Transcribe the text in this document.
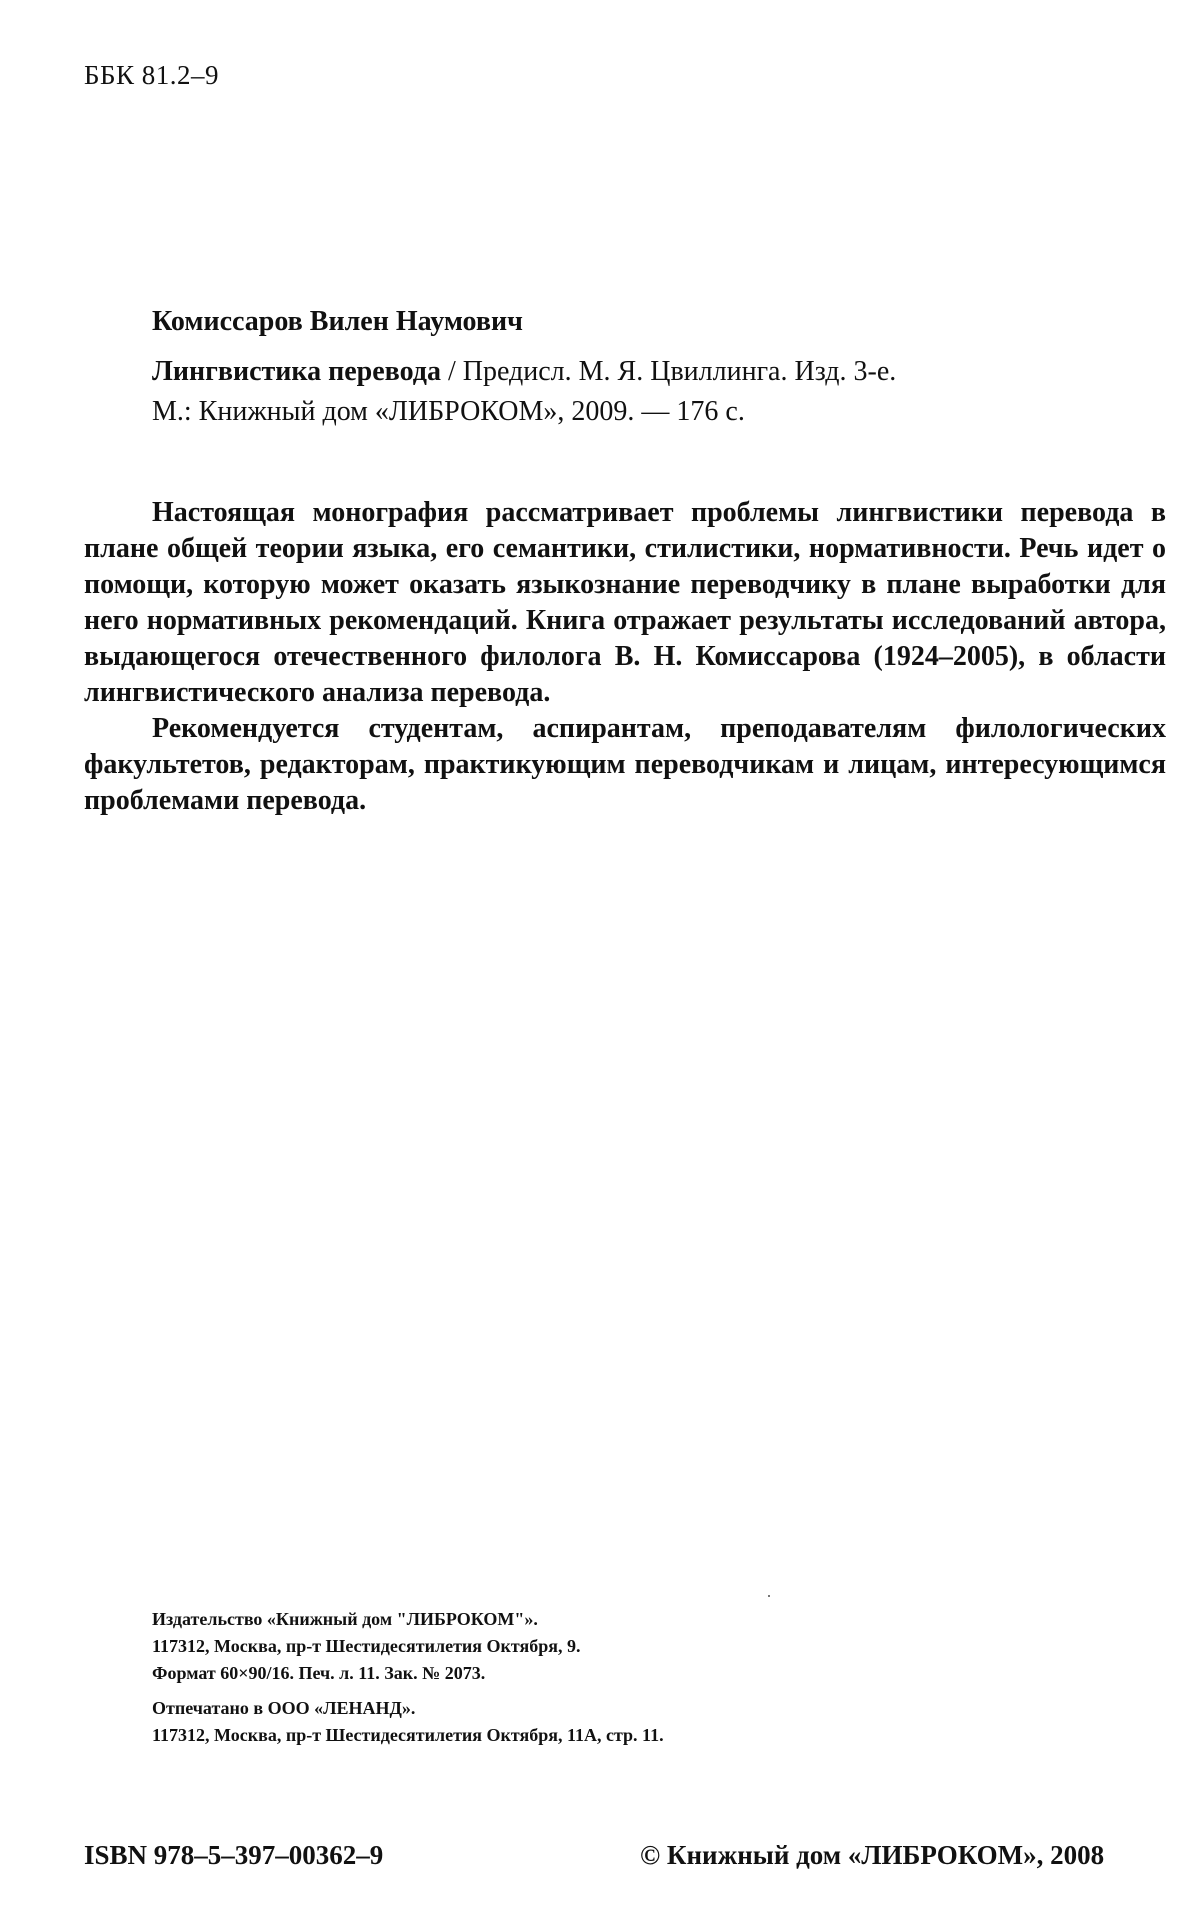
ББК 81.2–9
Комиссаров Вилен Наумович
Лингвистика перевода / Предисл. М. Я. Цвиллинга. Изд. 3-е.
М.: Книжный дом «ЛИБРОКОМ», 2009. — 176 с.

Настоящая монография рассматривает проблемы лингвистики перевода в плане общей теории языка, его семантики, стилистики, нормативности. Речь идет о помощи, которую может оказать языкознание переводчику в плане выработки для него нормативных рекомендаций. Книга отражает результаты исследований автора, выдающегося отечественного филолога В. Н. Комиссарова (1924–2005), в области лингвистического анализа перевода.

Рекомендуется студентам, аспирантам, преподавателям филологических факультетов, редакторам, практикующим переводчикам и лицам, интересующимся проблемами перевода.

Издательство «Книжный дом "ЛИБРОКОМ"».
117312, Москва, пр-т Шестидесятилетия Октября, 9.
Формат 60×90/16. Печ. л. 11. Зак. № 2073.
Отпечатано в ООО «ЛЕНАНД».
117312, Москва, пр-т Шестидесятилетия Октября, 11А, стр. 11.
ISBN 978–5–397–00362–9	© Книжный дом «ЛИБРОКОМ», 2008
